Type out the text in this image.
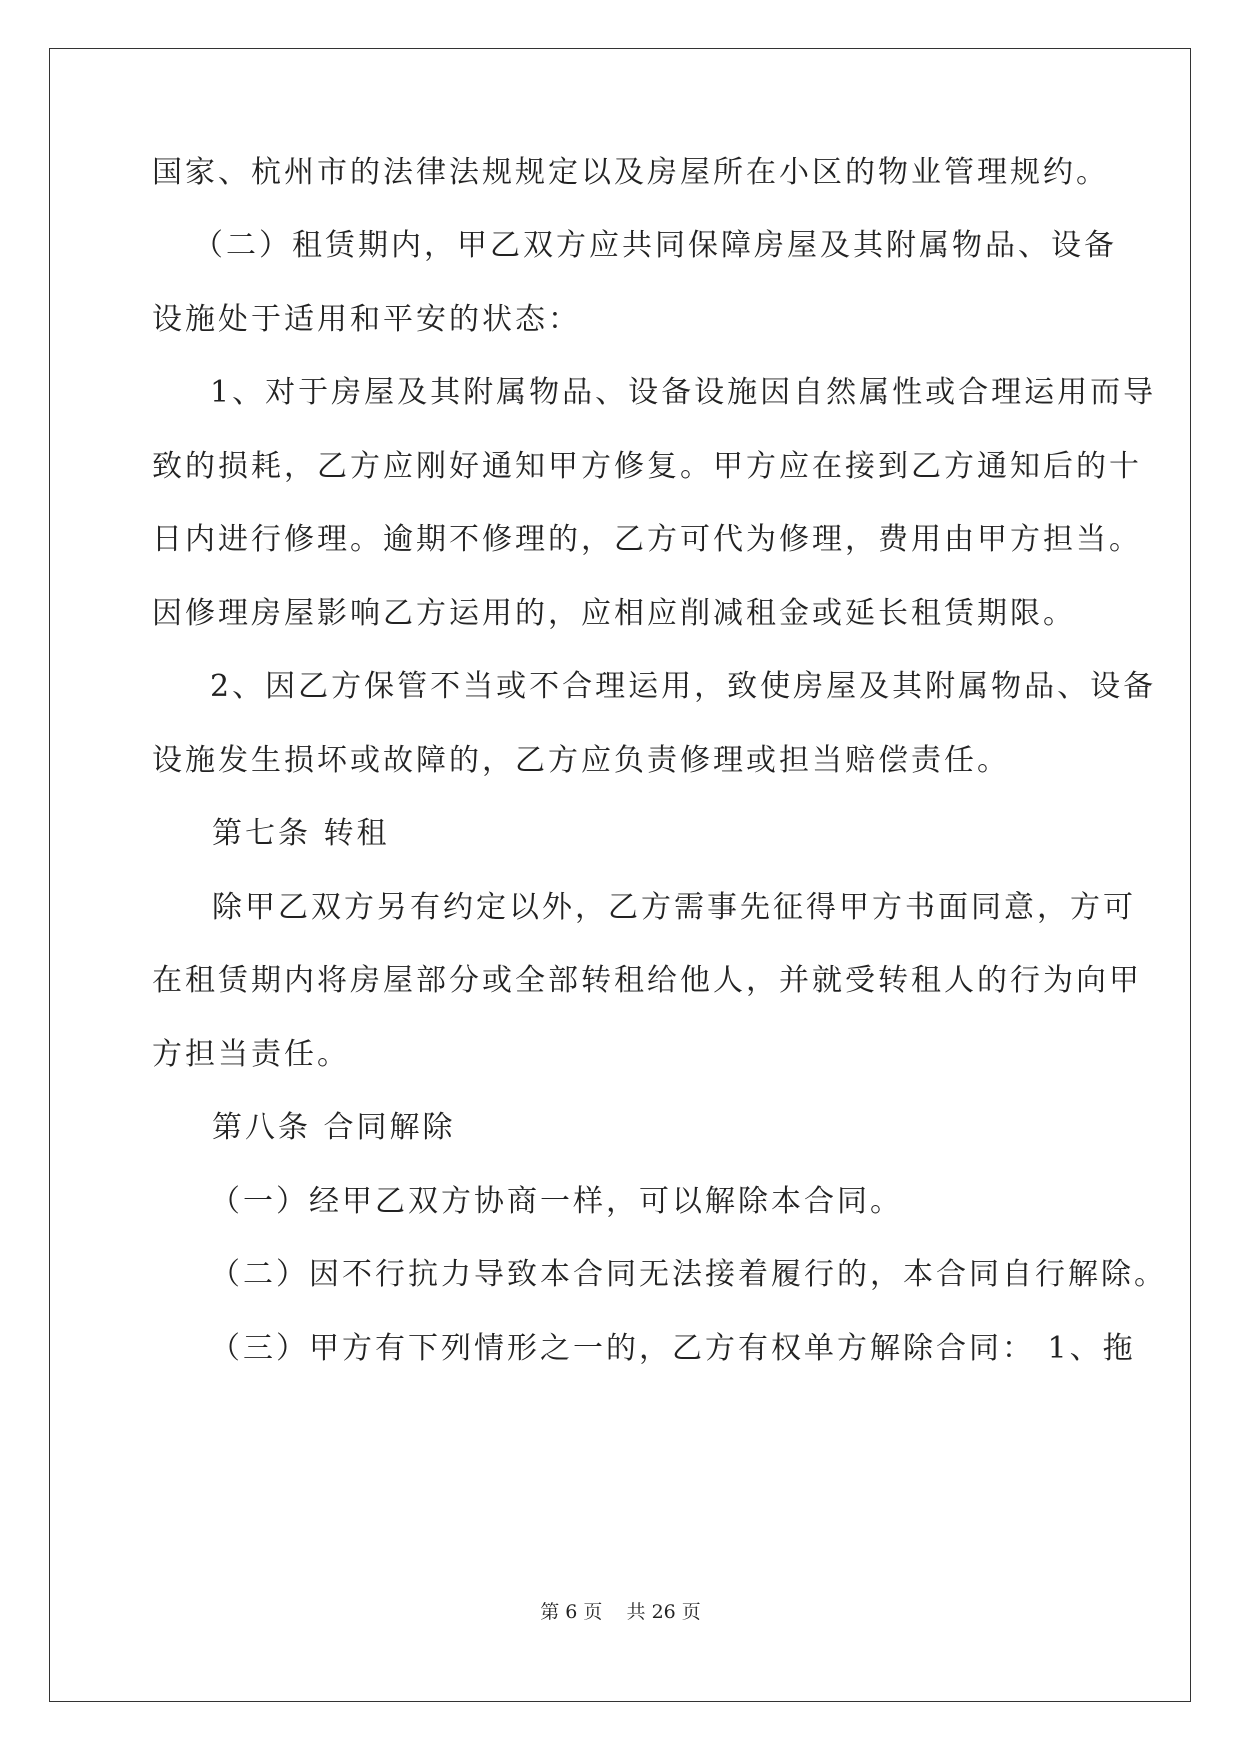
国家、杭州市的法律法规规定以及房屋所在小区的物业管理规约。
（二）租赁期内，甲乙双方应共同保障房屋及其附属物品、设备
设施处于适用和平安的状态：
1、对于房屋及其附属物品、设备设施因自然属性或合理运用而导
致的损耗，乙方应刚好通知甲方修复。甲方应在接到乙方通知后的十
日内进行修理。逾期不修理的，乙方可代为修理，费用由甲方担当。
因修理房屋影响乙方运用的，应相应削减租金或延长租赁期限。
2、因乙方保管不当或不合理运用，致使房屋及其附属物品、设备
设施发生损坏或故障的，乙方应负责修理或担当赔偿责任。
第七条 转租
除甲乙双方另有约定以外，乙方需事先征得甲方书面同意，方可
在租赁期内将房屋部分或全部转租给他人，并就受转租人的行为向甲
方担当责任。
第八条 合同解除
（一）经甲乙双方协商一样，可以解除本合同。
（二）因不行抗力导致本合同无法接着履行的，本合同自行解除。
（三）甲方有下列情形之一的，乙方有权单方解除合同： 1、拖
第 6 页    共 26 页
